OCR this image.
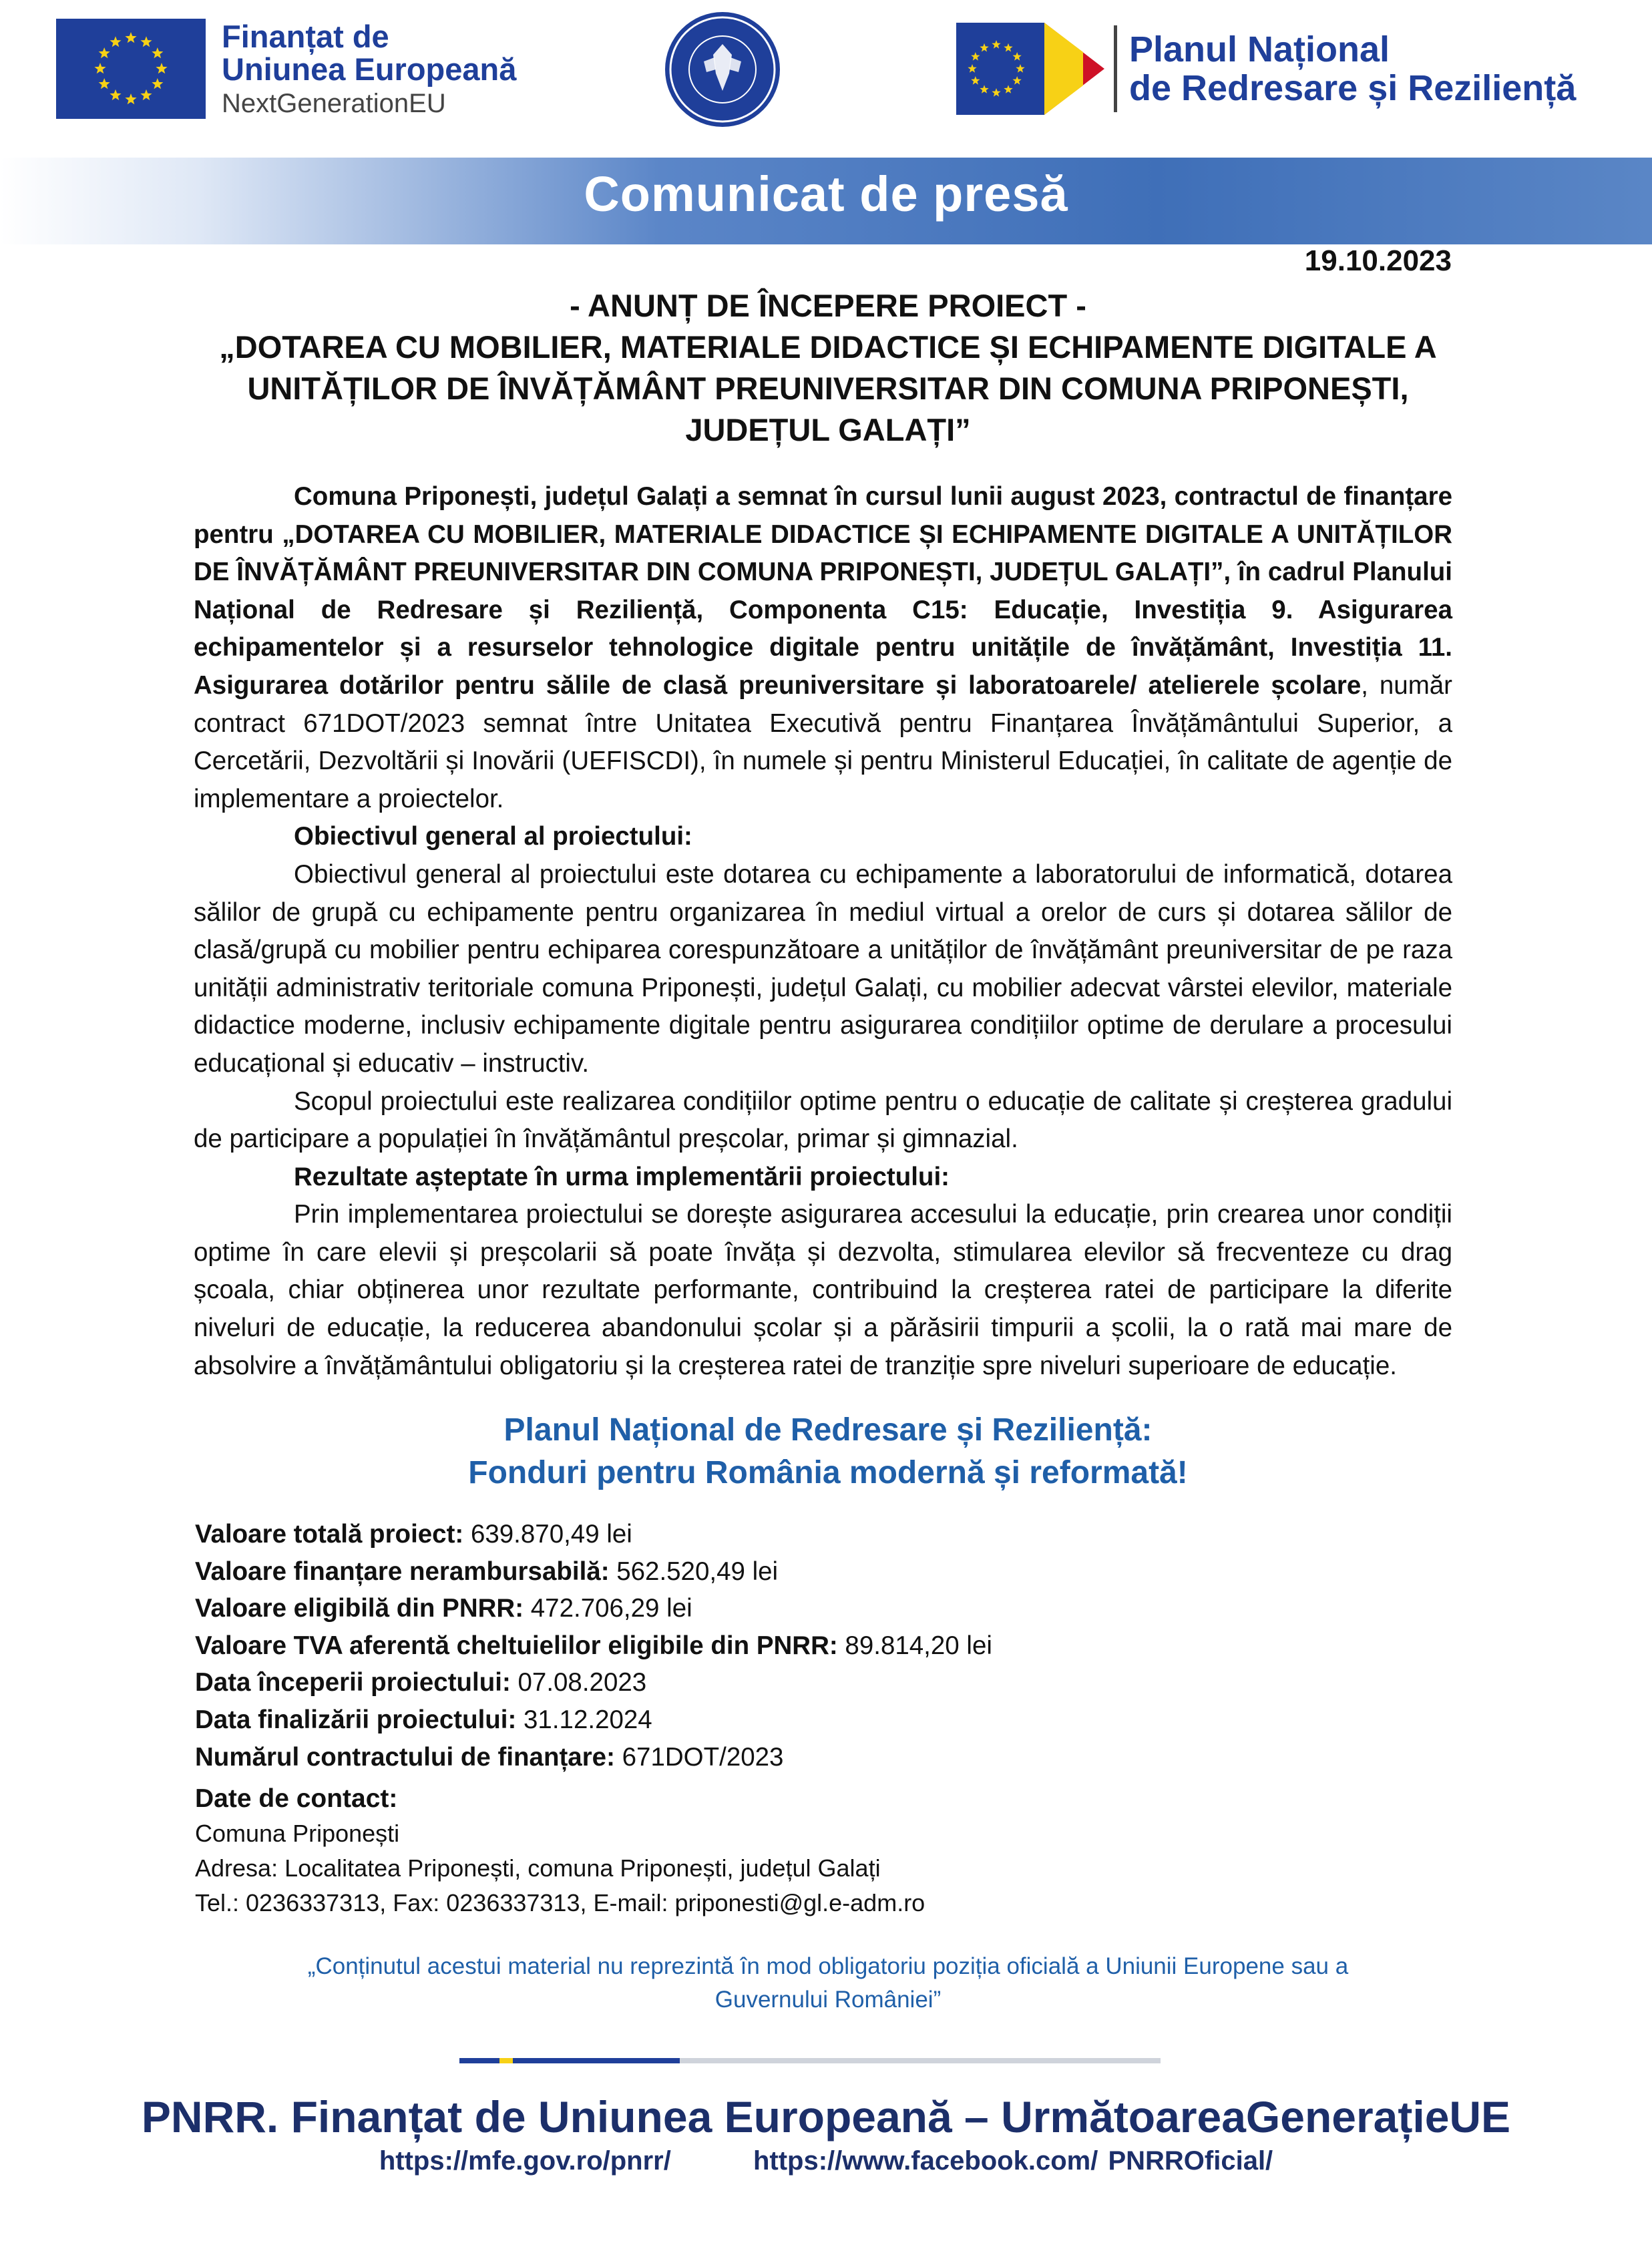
Finanțat de
Uniunea Europeană
NextGenerationEU
Planul Național
de Redresare și Reziliență
Comunicat de presă
19.10.2023
- ANUNȚ DE ÎNCEPERE PROIECT -
„DOTAREA CU MOBILIER, MATERIALE DIDACTICE ȘI ECHIPAMENTE DIGITALE A
UNITĂȚILOR DE ÎNVĂȚĂMÂNT PREUNIVERSITAR DIN COMUNA PRIPONEȘTI,
JUDEȚUL GALAȚI”

Comuna Priponești, județul Galați a semnat în cursul lunii august 2023, contractul de finanțare pentru „DOTAREA CU MOBILIER, MATERIALE DIDACTICE ȘI ECHIPAMENTE DIGITALE A UNITĂȚILOR DE ÎNVĂȚĂMÂNT PREUNIVERSITAR DIN COMUNA PRIPONEȘTI, JUDEȚUL GALAȚI”, în cadrul Planului Național de Redresare și Reziliență, Componenta C15: Educație, Investiția 9. Asigurarea echipamentelor și a resurselor tehnologice digitale pentru unitățile de învățământ, Investiția 11. Asigurarea dotărilor pentru sălile de clasă preuniversitare și laboratoarele/ atelierele școlare, număr contract 671DOT/2023 semnat între Unitatea Executivă pentru Finanțarea Învățământului Superior, a Cercetării, Dezvoltării și Inovării (UEFISCDI), în numele și pentru Ministerul Educației, în calitate de agenție de implementare a proiectelor.

Obiectivul general al proiectului:

Obiectivul general al proiectului este dotarea cu echipamente a laboratorului de informatică, dotarea sălilor de grupă cu echipamente pentru organizarea în mediul virtual a orelor de curs și dotarea sălilor de clasă/grupă cu mobilier pentru echiparea corespunzătoare a unităților de învățământ preuniversitar de pe raza unității administrativ teritoriale comuna Priponești, județul Galați, cu mobilier adecvat vârstei elevilor, materiale didactice moderne, inclusiv echipamente digitale pentru asigurarea condițiilor optime de derulare a procesului educațional și educativ – instructiv.

Scopul proiectului este realizarea condițiilor optime pentru o educație de calitate și creșterea gradului de participare a populației în învățământul preșcolar, primar și gimnazial.

Rezultate așteptate în urma implementării proiectului:

Prin implementarea proiectului se dorește asigurarea accesului la educație, prin crearea unor condiții optime în care elevii și preșcolarii să poate învăța și dezvolta, stimularea elevilor să frecventeze cu drag școala, chiar obținerea unor rezultate performante, contribuind la creșterea ratei de participare la diferite niveluri de educație, la reducerea abandonului școlar și a părăsirii timpurii a școlii, la o rată mai mare de absolvire a învățământului obligatoriu și la creșterea ratei de tranziție spre niveluri superioare de educație.

Planul Național de Redresare și Reziliență:
Fonduri pentru România modernă și reformată!
Valoare totală proiect: 639.870,49 lei
Valoare finanțare nerambursabilă: 562.520,49 lei
Valoare eligibilă din PNRR: 472.706,29 lei
Valoare TVA aferentă cheltuielilor eligibile din PNRR: 89.814,20 lei
Data începerii proiectului: 07.08.2023
Data finalizării proiectului: 31.12.2024
Numărul contractului de finanțare: 671DOT/2023
Date de contact:
Comuna Priponești
Adresa: Localitatea Priponești, comuna Priponești, județul Galați
Tel.: 0236337313, Fax: 0236337313, E-mail: priponesti@gl.e-adm.ro
„Conținutul acestui material nu reprezintă în mod obligatoriu poziția oficială a Uniunii Europene sau a
Guvernului României”
PNRR. Finanțat de Uniunea Europeană – UrmătoareaGenerațieUE
https://mfe.gov.ro/pnrr/	https://www.facebook.com/ PNRROficial/
